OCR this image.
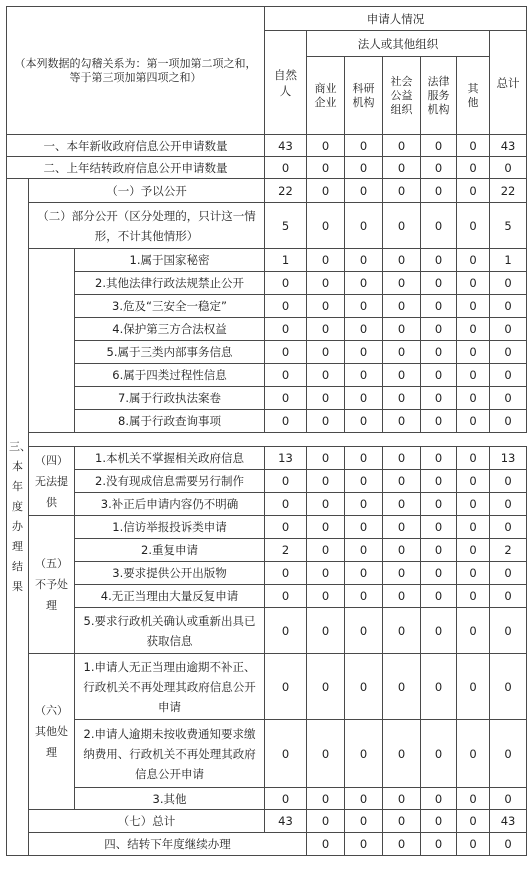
（本列数据的勾稽关系为：第一项加第二项之和，等于第三项加第四项之和）			申请人情况							
			自然人	法人或其他组织					总计	
				商业企业	科研机构	社会公益组织	法律服务机构	其他		
一、本年新收政府信息公开申请数量			43	0	0	0	0	0	43	
二、上年结转政府信息公开申请数量			0	0	0	0	0	0	0	
三、本年度办理结果	（一）予以公开		22	0	0	0	0	0	22	
	（二）部分公开（区分处理的，只计这一情形，不计其他情形）		5	0	0	0	0	0	5	
		1.属于国家秘密	1	0	0	0	0	0	1	
		2.其他法律行政法规禁止公开	0	0	0	0	0	0	0	
		3.危及“三安全一稳定”	0	0	0	0	0	0	0	
		4.保护第三方合法权益	0	0	0	0	0	0	0	
		5.属于三类内部事务信息	0	0	0	0	0	0	0	
		6.属于四类过程性信息	0	0	0	0	0	0	0	
		7.属于行政执法案卷	0	0	0	0	0	0	0	
		8.属于行政查询事项	0	0	0	0	0	0	0	

	（四）无法提供	1.本机关不掌握相关政府信息	13	0	0	0	0	0	13	
		2.没有现成信息需要另行制作	0	0	0	0	0	0	0	
		3.补正后申请内容仍不明确	0	0	0	0	0	0	0	
	（五）不予处理	1.信访举报投诉类申请	0	0	0	0	0	0	0	
		2.重复申请	2	0	0	0	0	0	2	
		3.要求提供公开出版物	0	0	0	0	0	0	0	
		4.无正当理由大量反复申请	0	0	0	0	0	0	0	
		5.要求行政机关确认或重新出具已获取信息	0	0	0	0	0	0	0	
	（六）其他处理	1.申请人无正当理由逾期不补正、行政机关不再处理其政府信息公开申请	0	0	0	0	0	0	0	
		2.申请人逾期未按收费通知要求缴纳费用、行政机关不再处理其政府信息公开申请	0	0	0	0	0	0	0	
		3.其他	0	0	0	0	0	0	0	
	（七）总计		43	0	0	0	0	0	43	
	四、结转下年度继续办理			0	0	0	0	0	0	
